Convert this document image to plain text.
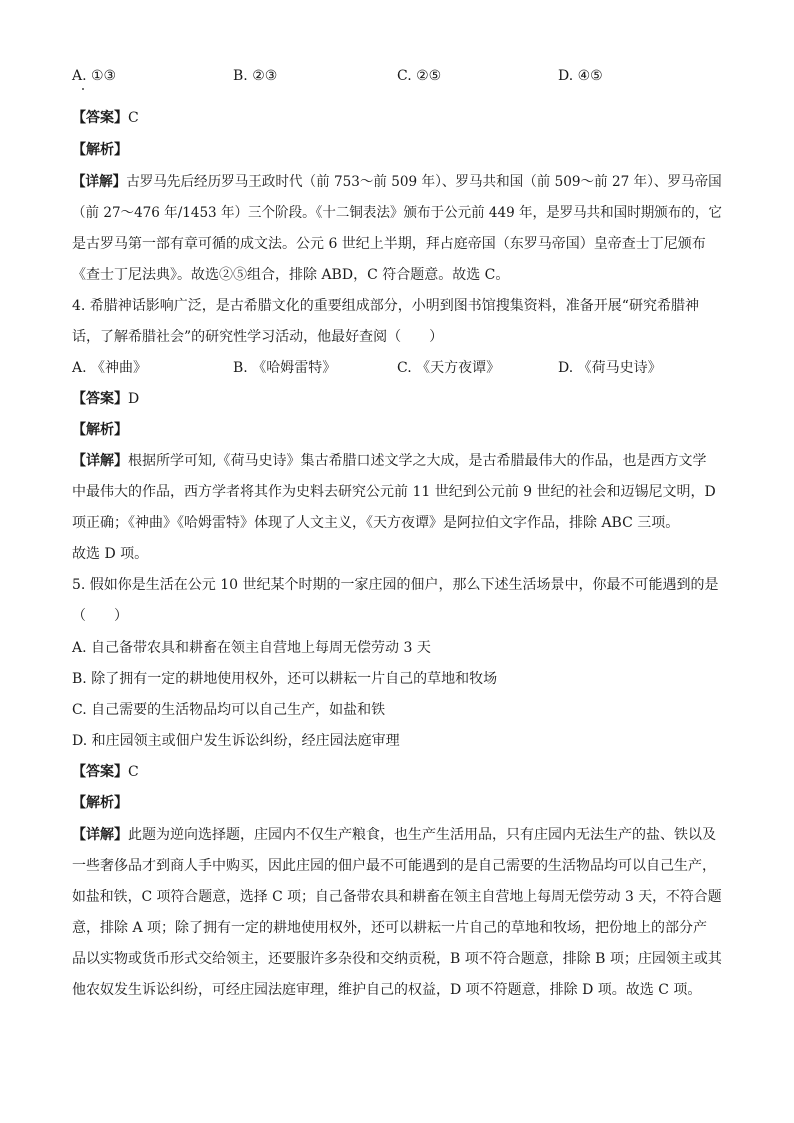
A. ①③	B. ②③	C. ②⑤	D. ④⑤
【答案】C
【解析】
【详解】古罗马先后经历罗马王政时代（前 753～前 509 年）、罗马共和国（前 509～前 27 年）、罗马帝国
（前 27～476 年/1453 年）三个阶段。《十二铜表法》颁布于公元前 449 年，是罗马共和国时期颁布的，它
是古罗马第一部有章可循的成文法。公元 6 世纪上半期，拜占庭帝国（东罗马帝国）皇帝查士丁尼颁布
《查士丁尼法典》。故选②⑤组合，排除 ABD，C 符合题意。故选 C。
4. 希腊神话影响广泛，是古希腊文化的重要组成部分，小明到图书馆搜集资料，准备开展“研究希腊神
话，了解希腊社会”的研究性学习活动，他最好查阅（　　）
A. 《神曲》	B. 《哈姆雷特》	C. 《天方夜谭》	D. 《荷马史诗》
【答案】D
【解析】
【详解】根据所学可知,《荷马史诗》集古希腊口述文学之大成，是古希腊最伟大的作品，也是西方文学
中最伟大的作品，西方学者将其作为史料去研究公元前 11 世纪到公元前 9 世纪的社会和迈锡尼文明，D
项正确；《神曲》《哈姆雷特》体现了人文主义，《天方夜谭》是阿拉伯文字作品，排除 ABC 三项。
故选 D 项。
5. 假如你是生活在公元 10 世纪某个时期的一家庄园的佃户，那么下述生活场景中，你最不可能遇到的是
（　　）
A. 自己备带农具和耕畜在领主自营地上每周无偿劳动 3 天
B. 除了拥有一定的耕地使用权外，还可以耕耘一片自己的草地和牧场
C. 自己需要的生活物品均可以自己生产，如盐和铁
D. 和庄园领主或佃户发生诉讼纠纷，经庄园法庭审理
【答案】C
【解析】
【详解】此题为逆向选择题，庄园内不仅生产粮食，也生产生活用品，只有庄园内无法生产的盐、铁以及
一些奢侈品才到商人手中购买，因此庄园的佃户最不可能遇到的是自己需要的生活物品均可以自己生产，
如盐和铁，C 项符合题意，选择 C 项；自己备带农具和耕畜在领主自营地上每周无偿劳动 3 天，不符合题
意，排除 A 项；除了拥有一定的耕地使用权外，还可以耕耘一片自己的草地和牧场，把份地上的部分产
品以实物或货币形式交给领主，还要服许多杂役和交纳贡税，B 项不符合题意，排除 B 项；庄园领主或其
他农奴发生诉讼纠纷，可经庄园法庭审理，维护自己的权益，D 项不符题意，排除 D 项。故选 C 项。
